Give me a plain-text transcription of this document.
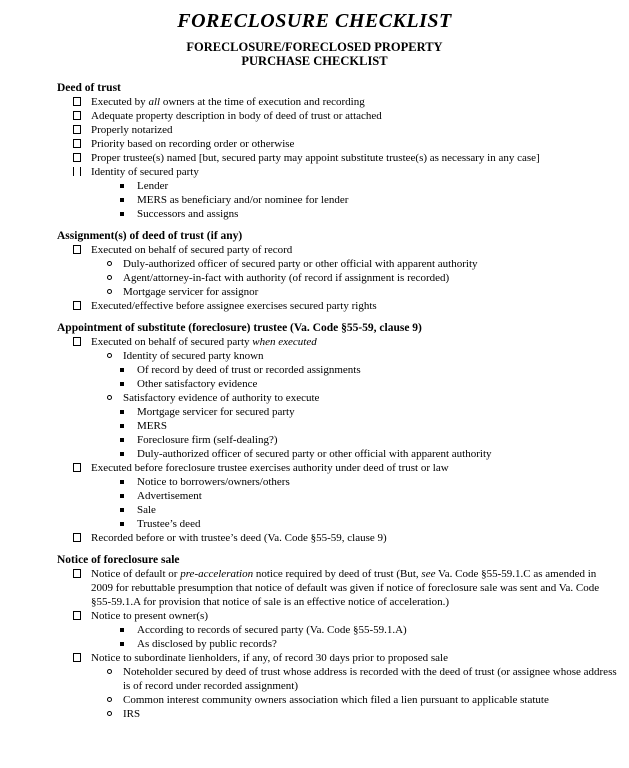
FORECLOSURE CHECKLIST
FORECLOSURE/FORECLOSED PROPERTY
PURCHASE CHECKLIST
Deed of trust
Executed by all owners at the time of execution and recording
Adequate property description in body of deed of trust or attached
Properly notarized
Priority based on recording order or otherwise
Proper trustee(s) named [but, secured party may appoint substitute trustee(s) as necessary in any case]
Identity of secured party
Lender
MERS as beneficiary and/or nominee for lender
Successors and assigns
Assignment(s) of deed of trust (if any)
Executed on behalf of secured party of record
Duly-authorized officer of secured party or other official with apparent authority
Agent/attorney-in-fact with authority (of record if assignment is recorded)
Mortgage servicer for assignor
Executed/effective before assignee exercises secured party rights
Appointment of substitute (foreclosure) trustee (Va. Code §55-59, clause 9)
Executed on behalf of secured party when executed
Identity of secured party known
Of record by deed of trust or recorded assignments
Other satisfactory evidence
Satisfactory evidence of authority to execute
Mortgage servicer for secured party
MERS
Foreclosure firm (self-dealing?)
Duly-authorized officer of secured party or other official with apparent authority
Executed before foreclosure trustee exercises authority under deed of trust or law
Notice to borrowers/owners/others
Advertisement
Sale
Trustee’s deed
Recorded before or with trustee’s deed (Va. Code §55-59, clause 9)
Notice of foreclosure sale
Notice of default or pre-acceleration notice required by deed of trust (But, see Va. Code §55-59.1.C as amended in 2009 for rebuttable presumption that notice of default was given if notice of foreclosure sale was sent and Va. Code §55-59.1.A for provision that notice of sale is an effective notice of acceleration.)
Notice to present owner(s)
According to records of secured party (Va. Code §55-59.1.A)
As disclosed by public records?
Notice to subordinate lienholders, if any, of record 30 days prior to proposed sale
Noteholder secured by deed of trust whose address is recorded with the deed of trust (or assignee whose address is of record under recorded assignment)
Common interest community owners association which filed a lien pursuant to applicable statute
IRS
